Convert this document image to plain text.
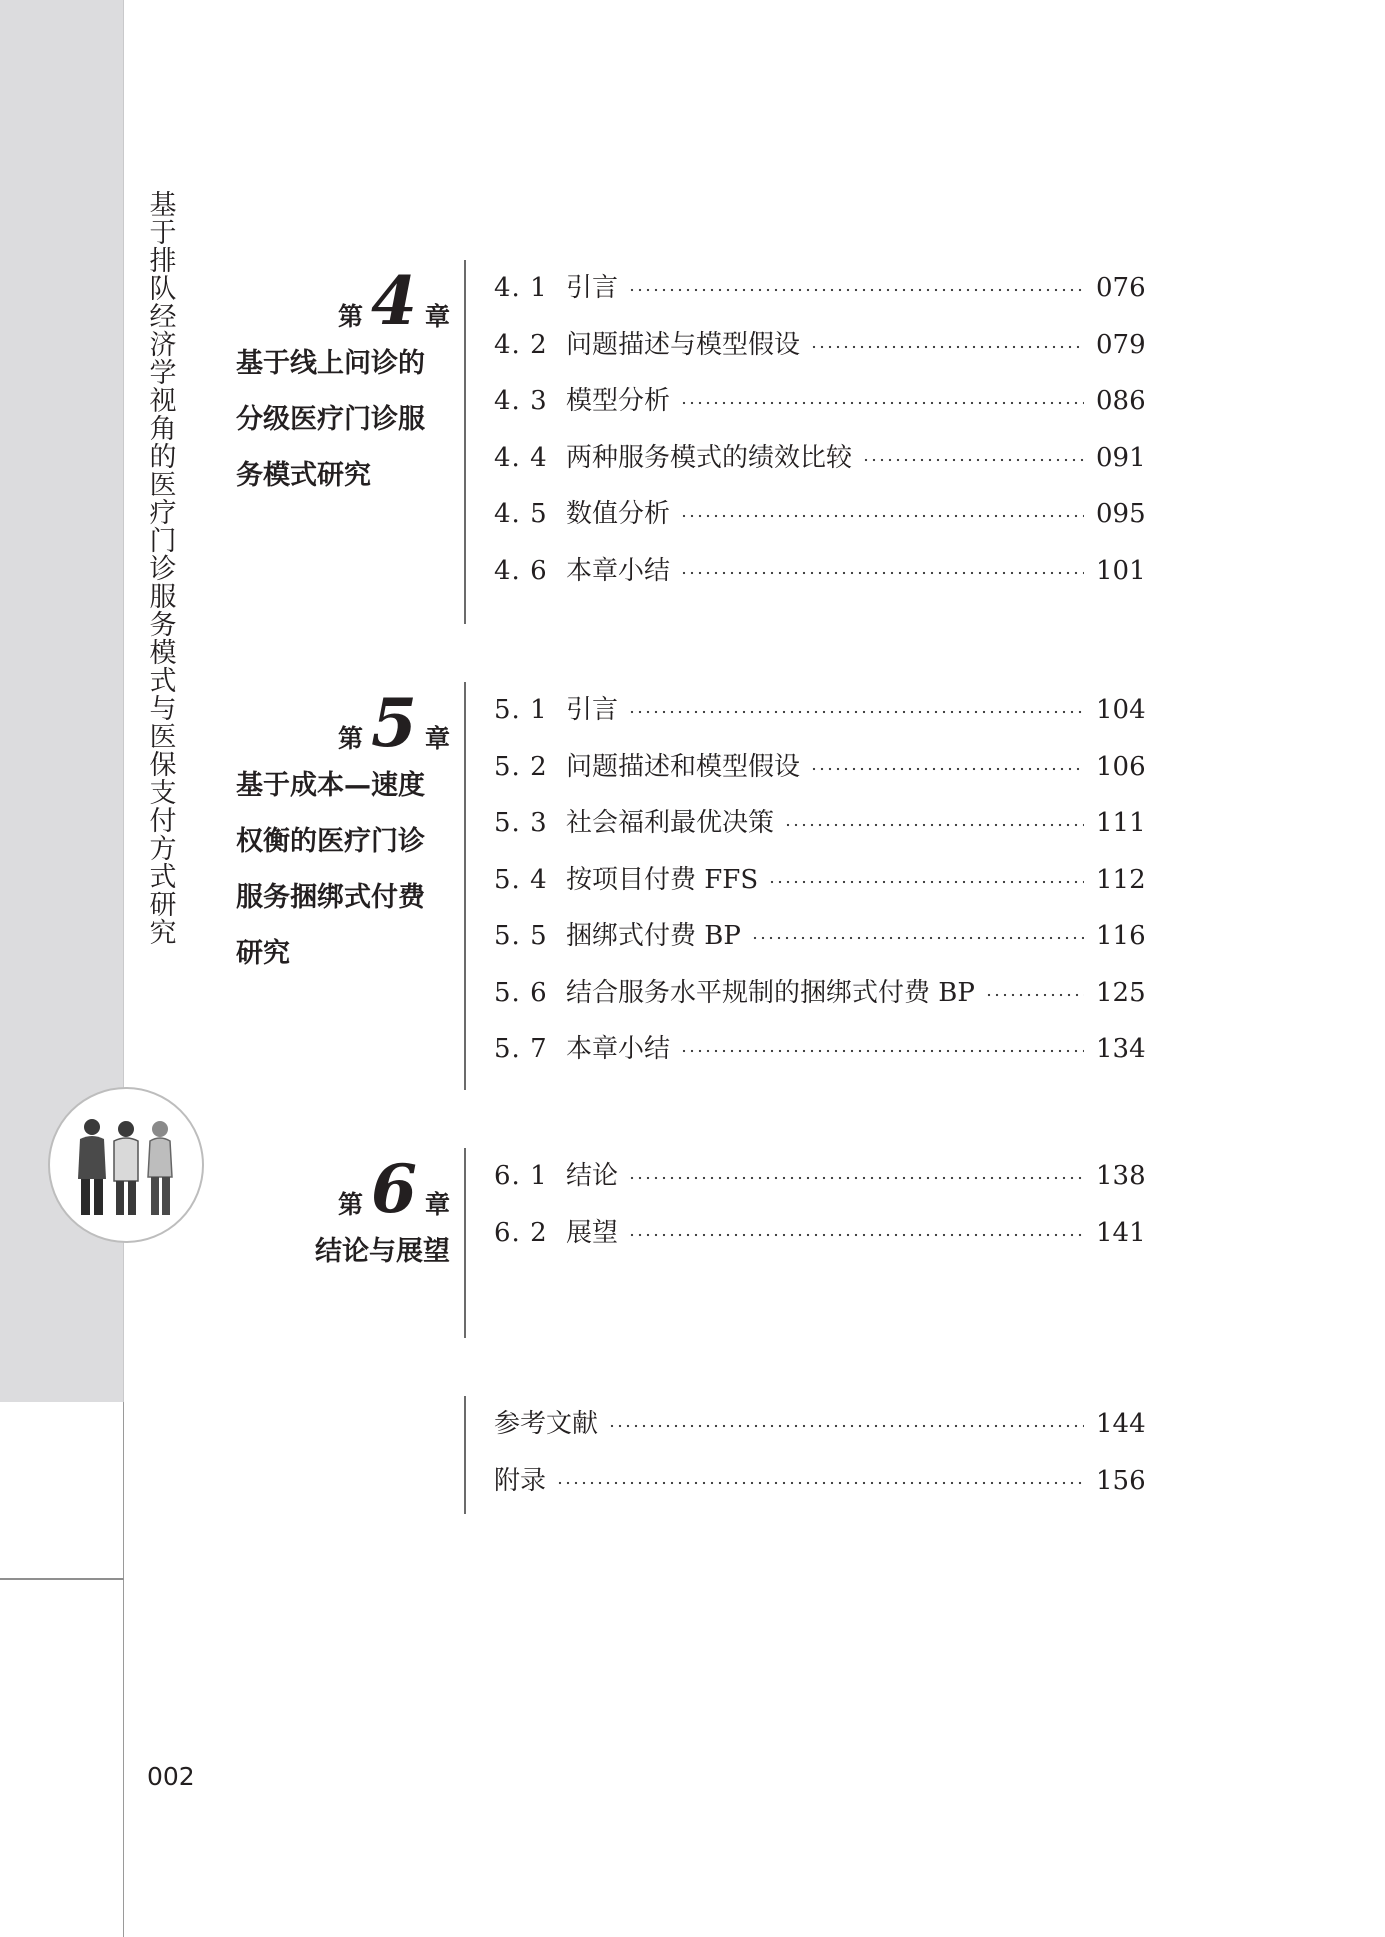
基
于
排
队
经
济
学
视
角
的
医
疗
门
诊
服
务
模
式
与
医
保
支
付
方
式
研
究
第 4 章
基于线上问诊的分级医疗门诊服务模式研究
4. 1 引言	076
4. 2 问题描述与模型假设	079
4. 3 模型分析	086
4. 4 两种服务模式的绩效比较	091
4. 5 数值分析	095
4. 6 本章小结	101
第 5 章
基于成本—速度权衡的医疗门诊服务捆绑式付费研究
5. 1 引言	104
5. 2 问题描述和模型假设	106
5. 3 社会福利最优决策	111
5. 4 按项目付费 FFS	112
5. 5 捆绑式付费 BP	116
5. 6 结合服务水平规制的捆绑式付费 BP	125
5. 7 本章小结	134
第 6 章
结论与展望
6. 1 结论	138
6. 2 展望	141
参考文献	144
附录	156
002
